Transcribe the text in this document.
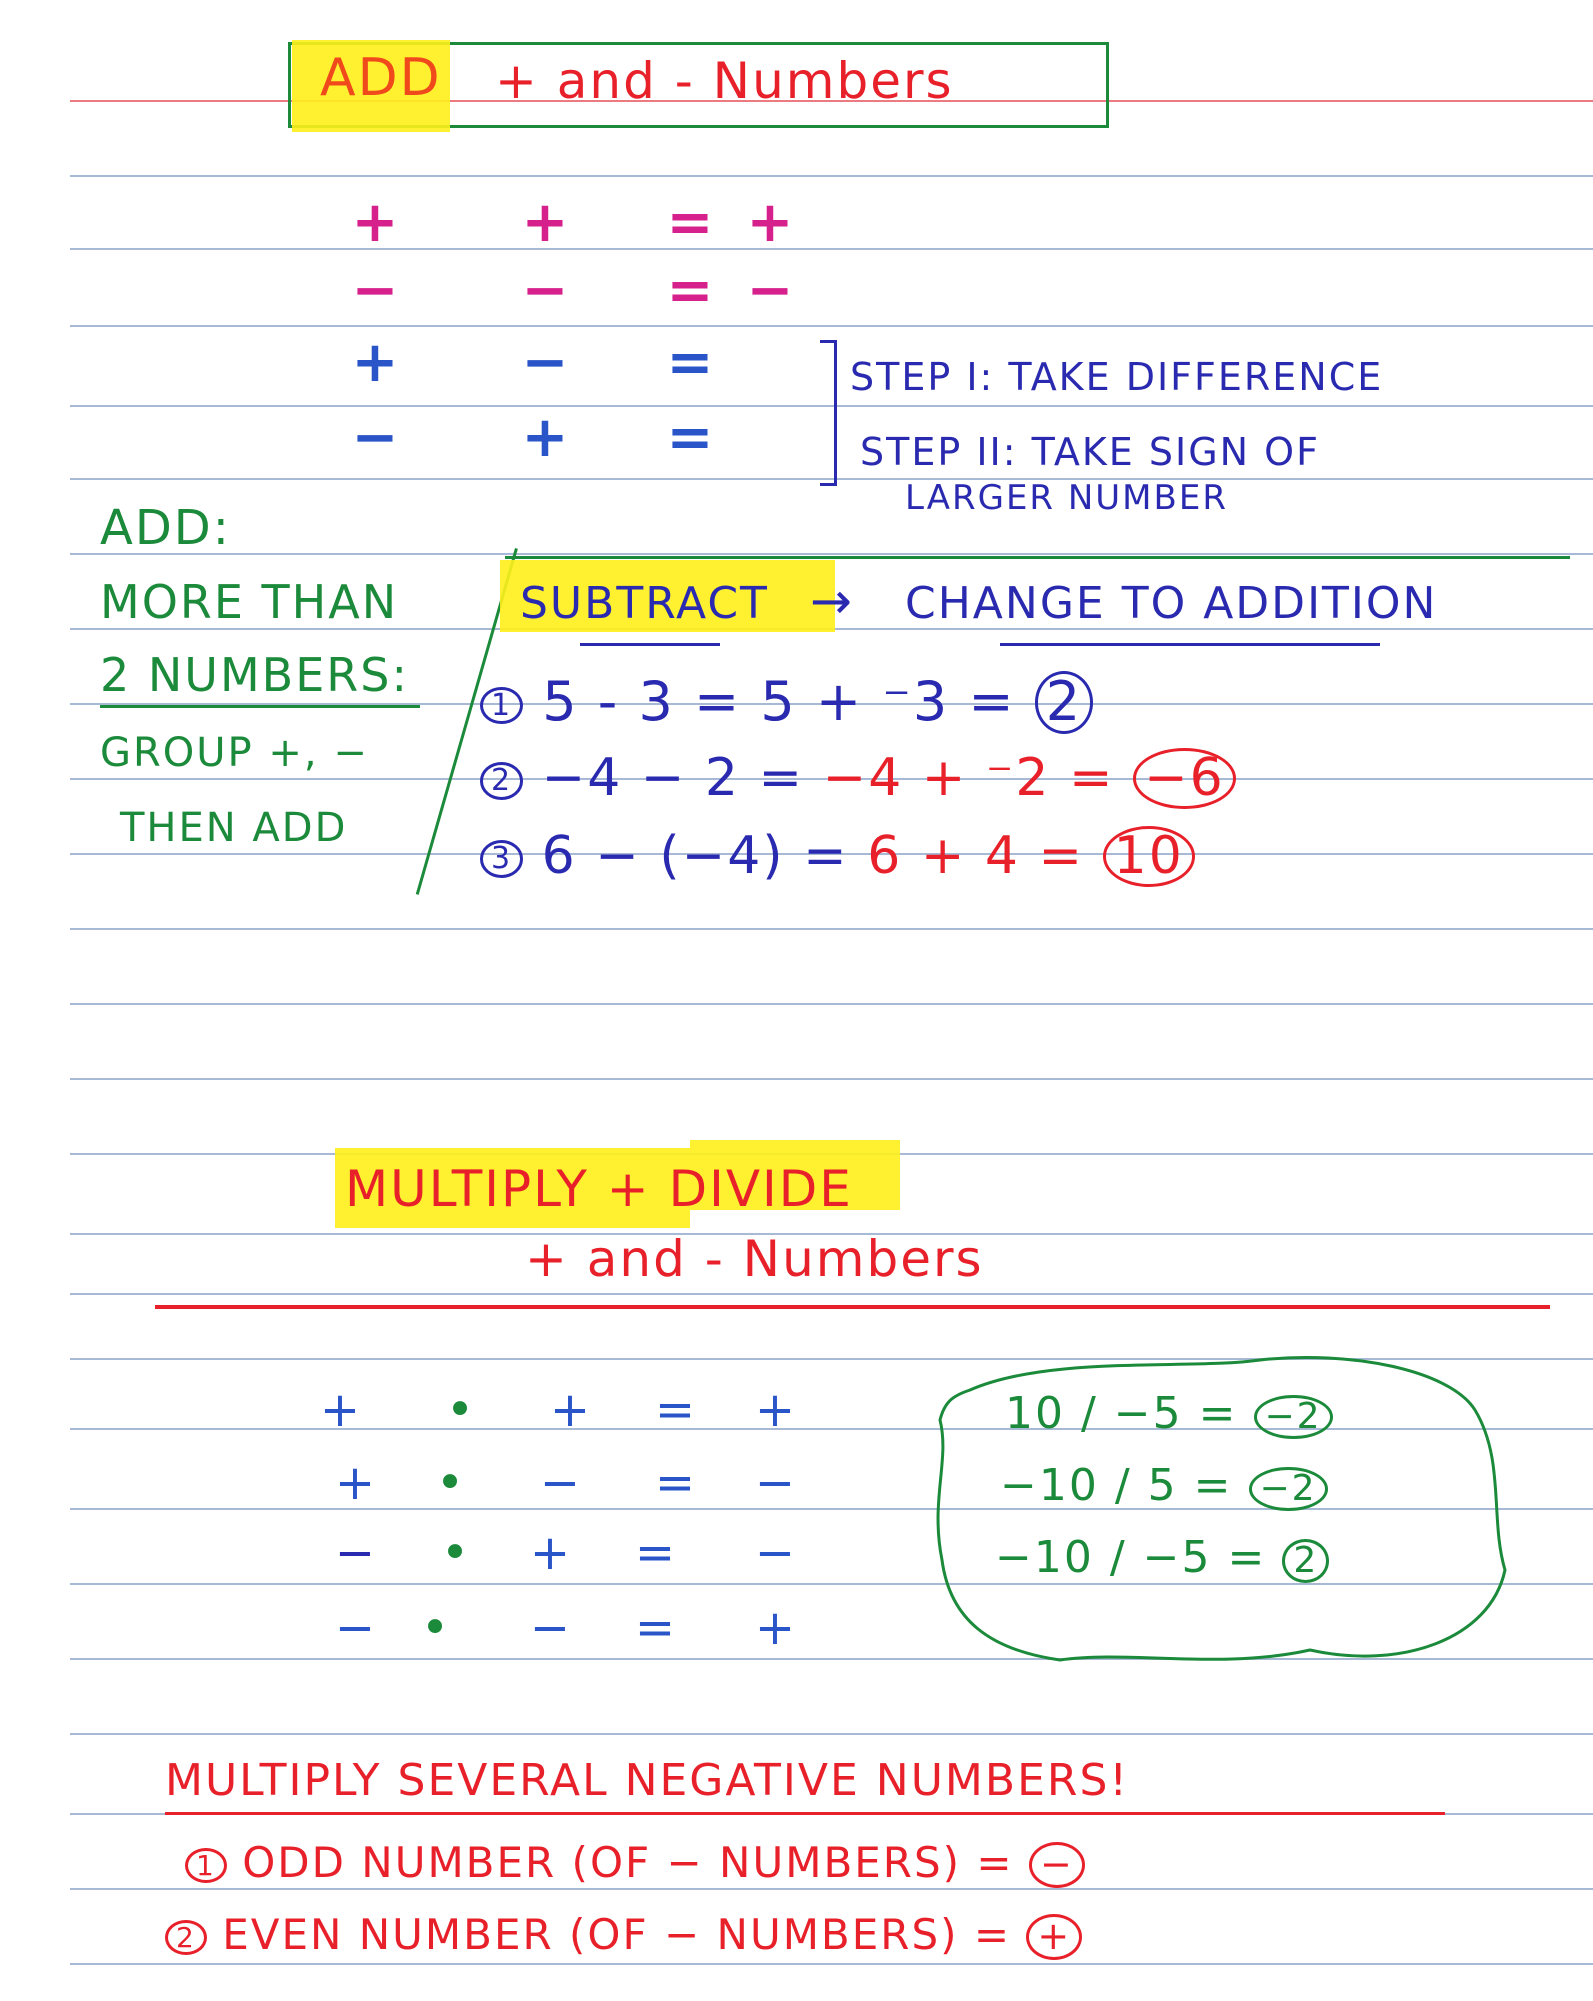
ADD + and - Numbers
+ + = +
− − = −
+ − =
− + =
STEP I: TAKE DIFFERENCE
STEP II: TAKE SIGN OF
LARGER NUMBER
ADD:
MORE THAN
2 NUMBERS:
GROUP +, −
THEN ADD
SUBTRACT → CHANGE TO ADDITION
1 5 - 3 = 5 + ⁻3 = 2
2 −4 − 2 = −4 + ⁻2 = −6
3 6 − (−4) = 6 + 4 = 10
MULTIPLY + DIVIDE
+ and - Numbers
+	•	+ = +
+	•	− = −
−	•	+ = −
− •	− = +
10 / −5 = −2
−10 / 5 = −2
−10 / −5 = 2
MULTIPLY SEVERAL NEGATIVE NUMBERS!
1 ODD NUMBER (OF − NUMBERS) = −
2 EVEN NUMBER (OF − NUMBERS) = +
